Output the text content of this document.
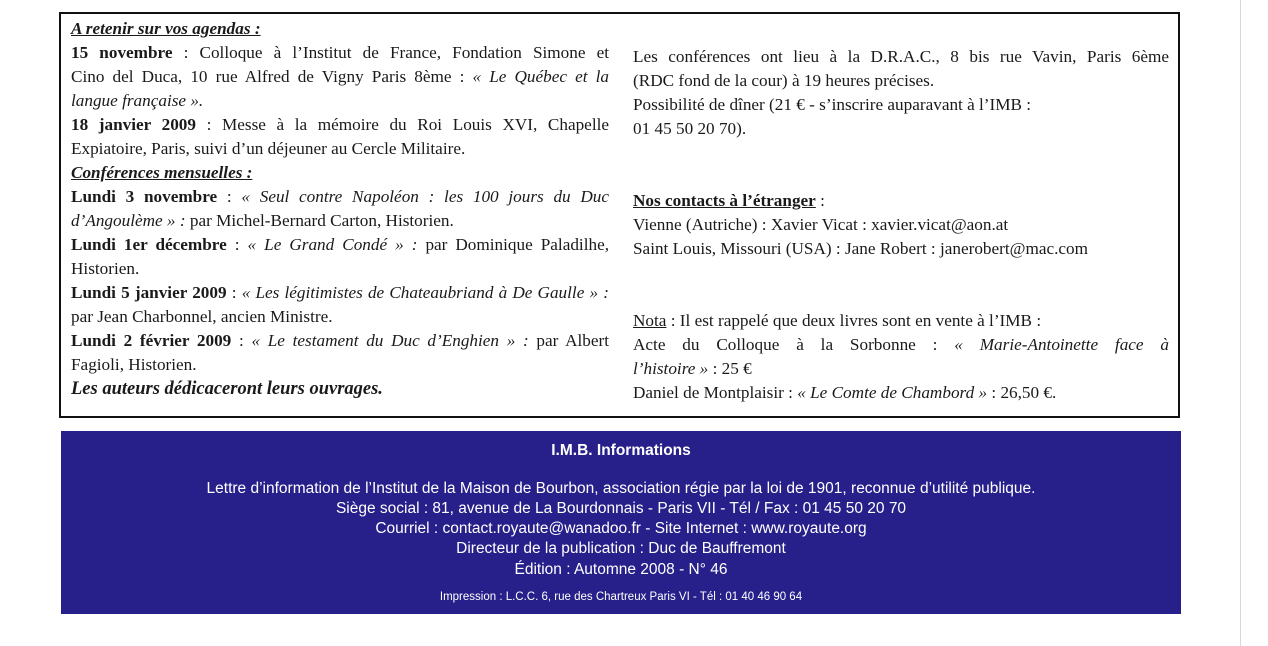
A retenir sur vos agendas :
15 novembre : Colloque à l’Institut de France, Fondation Simone et
Cino del Duca, 10 rue Alfred de Vigny Paris 8ème : « Le Québec et la
langue française ».
18 janvier 2009 : Messe à la mémoire du Roi Louis XVI, Chapelle
Expiatoire, Paris, suivi d’un déjeuner au Cercle Militaire.
Conférences mensuelles :
Lundi 3 novembre : « Seul contre Napoléon : les 100 jours du Duc
d’Angoulème » : par Michel-Bernard Carton, Historien.
Lundi 1er décembre : « Le Grand Condé » : par Dominique Paladilhe,
Historien.
Lundi 5 janvier 2009 : « Les légitimistes de Chateaubriand à De Gaulle » :
par Jean Charbonnel, ancien Ministre.
Lundi 2 février 2009 : « Le testament du Duc d’Enghien » : par Albert
Fagioli, Historien.
Les auteurs dédicaceront leurs ouvrages.
Les conférences ont lieu à la D.R.A.C., 8 bis rue Vavin, Paris 6ème
(RDC fond de la cour) à 19 heures précises.
Possibilité de dîner (21 € - s’inscrire auparavant à l’IMB :
01 45 50 20 70).
Nos contacts à l’étranger :
Vienne (Autriche) : Xavier Vicat : xavier.vicat@aon.at
Saint Louis, Missouri (USA) : Jane Robert : janerobert@mac.com
Nota : Il est rappelé que deux livres sont en vente à l’IMB :
Acte du Colloque à la Sorbonne : « Marie-Antoinette face à
l’histoire » : 25 €
Daniel de Montplaisir : « Le Comte de Chambord » : 26,50 €.
I.M.B. Informations
Lettre d’information de l’Institut de la Maison de Bourbon, association régie par la loi de 1901, reconnue d’utilité publique.
Siège social : 81, avenue de La Bourdonnais - Paris VII - Tél / Fax : 01 45 50 20 70
Courriel : contact.royaute@wanadoo.fr - Site Internet : www.royaute.org
Directeur de la publication : Duc de Bauffremont
Édition : Automne 2008 - N° 46
Impression : L.C.C. 6, rue des Chartreux Paris VI - Tél : 01 40 46 90 64
